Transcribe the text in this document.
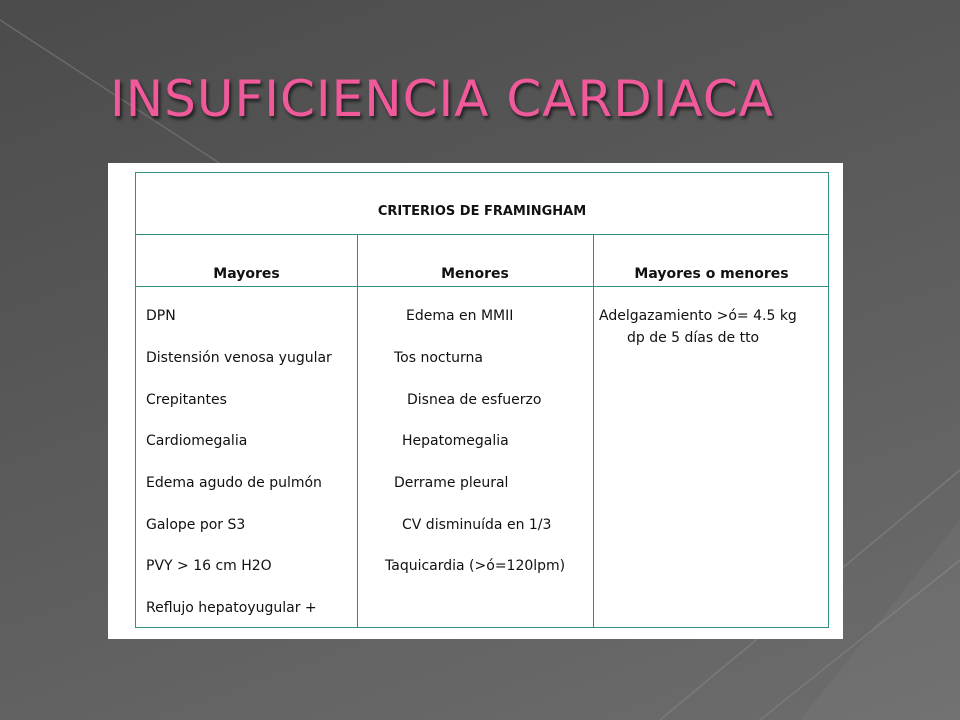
INSUFICIENCIA CARDIACA
CRITERIOS DE FRAMINGHAM
Mayores	Menores	Mayores o menores
DPN
Distensión venosa yugular
Crepitantes
Cardiomegalia
Edema agudo de pulmón
Galope por S3
PVY > 16 cm H2O
Reflujo hepatoyugular +
Edema en MMII
Tos nocturna
Disnea de esfuerzo
Hepatomegalia
Derrame pleural
CV disminuída en 1/3
Taquicardia (>ó=120lpm)
Adelgazamiento >ó= 4.5 kg
dp de 5 días de tto
